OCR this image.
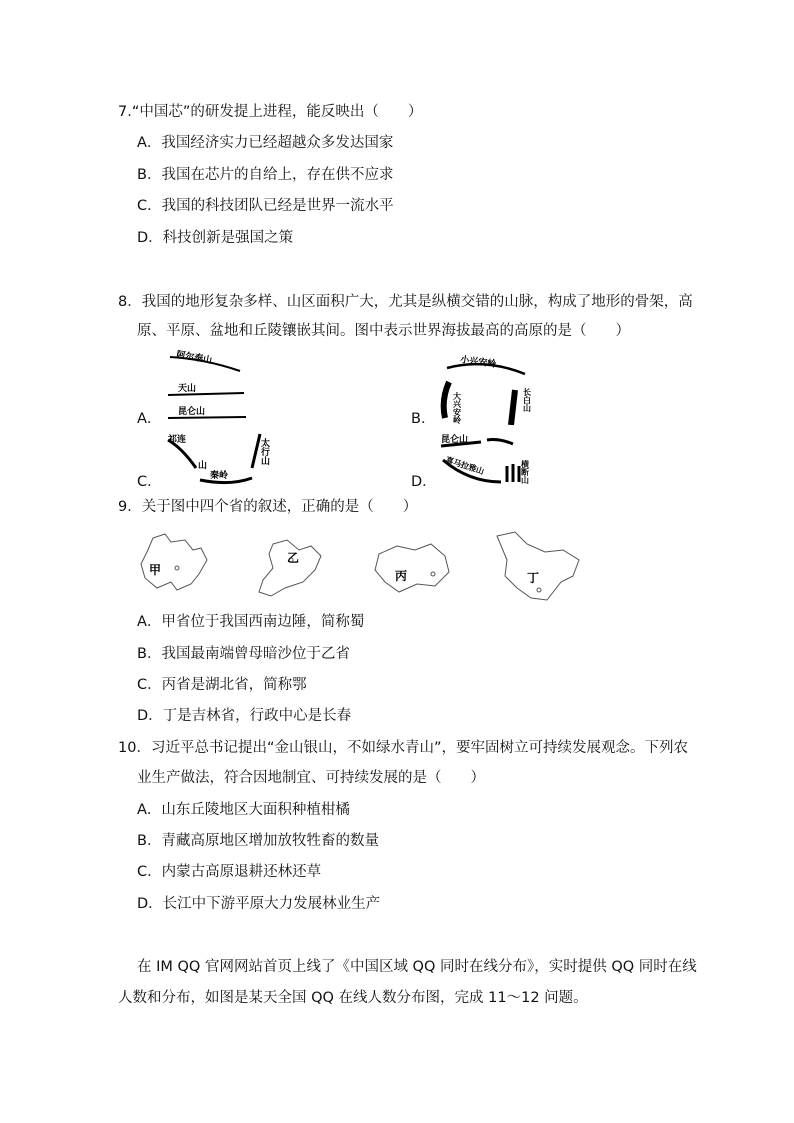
7.“中国芯”的研发提上进程，能反映出（　　）
A．我国经济实力已经超越众多发达国家
B．我国在芯片的自给上，存在供不应求
C．我国的科技团队已经是世界一流水平
D．科技创新是强国之策
8．我国的地形复杂多样、山区面积广大，尤其是纵横交错的山脉，构成了地形的骨架，高
原、平原、盆地和丘陵镶嵌其间。图中表示世界海拔最高的高原的是（　　）
A．	B．
C．	D．
阿尔泰山
天山
昆仑山
小兴安岭
大兴安岭	长白山
祁连
山
秦岭
太行山	昆仑山
喜马拉雅山	横断山
9．关于图中四个省的叙述，正确的是（　　）
甲
乙
丙	丁
A．甲省位于我国西南边陲，简称蜀
B．我国最南端曾母暗沙位于乙省
C．丙省是湖北省，简称鄂
D．丁是吉林省，行政中心是长春
10．习近平总书记提出“金山银山，不如绿水青山”，要牢固树立可持续发展观念。下列农
业生产做法，符合因地制宜、可持续发展的是（　　）
A．山东丘陵地区大面积种植柑橘
B．青藏高原地区增加放牧牲畜的数量
C．内蒙古高原退耕还林还草
D．长江中下游平原大力发展林业生产
在 IM QQ 官网网站首页上线了《中国区域 QQ 同时在线分布》，实时提供 QQ 同时在线
人数和分布，如图是某天全国 QQ 在线人数分布图，完成 11～12 问题。
